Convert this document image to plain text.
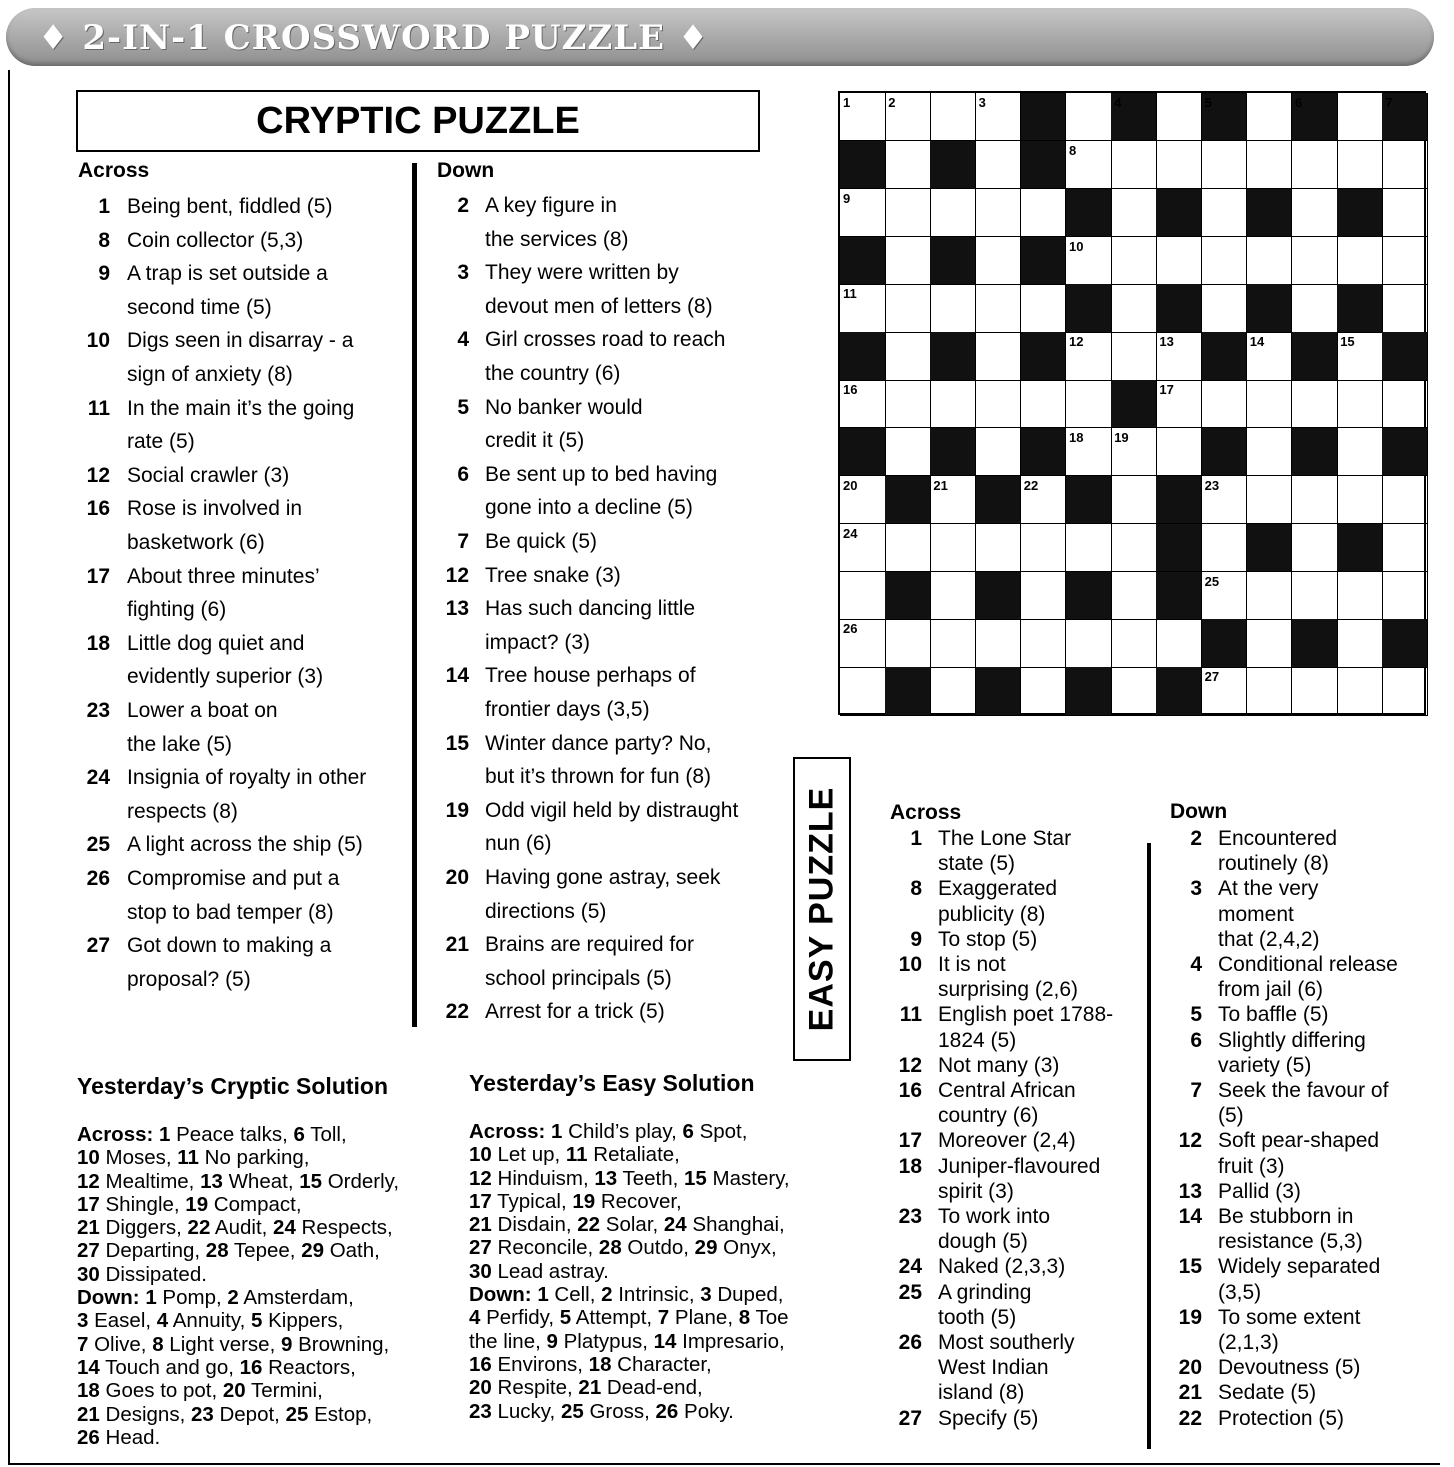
♦ 2-IN-1 CROSSWORD PUZZLE ♦
CRYPTIC PUZZLE
Across	Down
1 Being bent, fiddled (5)
8 Coin collector (5,3)
9 A trap is set outside a
second time (5)
10 Digs seen in disarray - a
sign of anxiety (8)
11 In the main it’s the going
rate (5)
12 Social crawler (3)
16 Rose is involved in
basketwork (6)
17 About three minutes’
fighting (6)
18 Little dog quiet and
evidently superior (3)
23 Lower a boat on
the lake (5)
24 Insignia of royalty in other
respects (8)
25 A light across the ship (5)
26 Compromise and put a
stop to bad temper (8)
27 Got down to making a
proposal? (5)
2 A key figure in
the services (8)
3 They were written by
devout men of letters (8)
4 Girl crosses road to reach
the country (6)
5 No banker would
credit it (5)
6 Be sent up to bed having
gone into a decline (5)
7 Be quick (5)
12 Tree snake (3)
13 Has such dancing little
impact? (3)
14 Tree house perhaps of
frontier days (3,5)
15 Winter dance party? No,
but it’s thrown for fun (8)
19 Odd vigil held by distraught
nun (6)
20 Having gone astray, seek
directions (5)
21 Brains are required for
school principals (5)
22 Arrest for a trick (5)
1	2	3	4	5	6	7
8
9
10
11
12	13	14	15
16	17
18 19
20	21	22	23
24
25
26
27
EASY PUZZLE Across	Down
1 The Lone Star
state (5)
8 Exaggerated
publicity (8)
9 To stop (5)
10 It is not
surprising (2,6)
11 English poet 1788-
1824 (5)
12 Not many (3)
16 Central African
country (6)
17 Moreover (2,4)
18 Juniper-flavoured
spirit (3)
23 To work into
dough (5)
24 Naked (2,3,3)
25 A grinding
tooth (5)
26 Most southerly
West Indian
island (8)
27 Specify (5)
2 Encountered
routinely (8)
3 At the very
moment
that (2,4,2)
4 Conditional release
from jail (6)
5 To baffle (5)
6 Slightly differing
variety (5)
7 Seek the favour of
(5)
12 Soft pear-shaped
fruit (3)
13 Pallid (3)
14 Be stubborn in
resistance (5,3)
15 Widely separated
(3,5)
19 To some extent
(2,1,3)
20 Devoutness (5)
21 Sedate (5)
22 Protection (5)
Yesterday’s Cryptic Solution
Across: 1 Peace talks, 6 Toll,
10 Moses, 11 No parking,
12 Mealtime, 13 Wheat, 15 Orderly,
17 Shingle, 19 Compact,
21 Diggers, 22 Audit, 24 Respects,
27 Departing, 28 Tepee, 29 Oath,
30 Dissipated.
Down: 1 Pomp, 2 Amsterdam,
3 Easel, 4 Annuity, 5 Kippers,
7 Olive, 8 Light verse, 9 Browning,
14 Touch and go, 16 Reactors,
18 Goes to pot, 20 Termini,
21 Designs, 23 Depot, 25 Estop,
26 Head.
Yesterday’s Easy Solution
Across: 1 Child’s play, 6 Spot,
10 Let up, 11 Retaliate,
12 Hinduism, 13 Teeth, 15 Mastery,
17 Typical, 19 Recover,
21 Disdain, 22 Solar, 24 Shanghai,
27 Reconcile, 28 Outdo, 29 Onyx,
30 Lead astray.
Down: 1 Cell, 2 Intrinsic, 3 Duped,
4 Perfidy, 5 Attempt, 7 Plane, 8 Toe
the line, 9 Platypus, 14 Impresario,
16 Environs, 18 Character,
20 Respite, 21 Dead-end,
23 Lucky, 25 Gross, 26 Poky.
